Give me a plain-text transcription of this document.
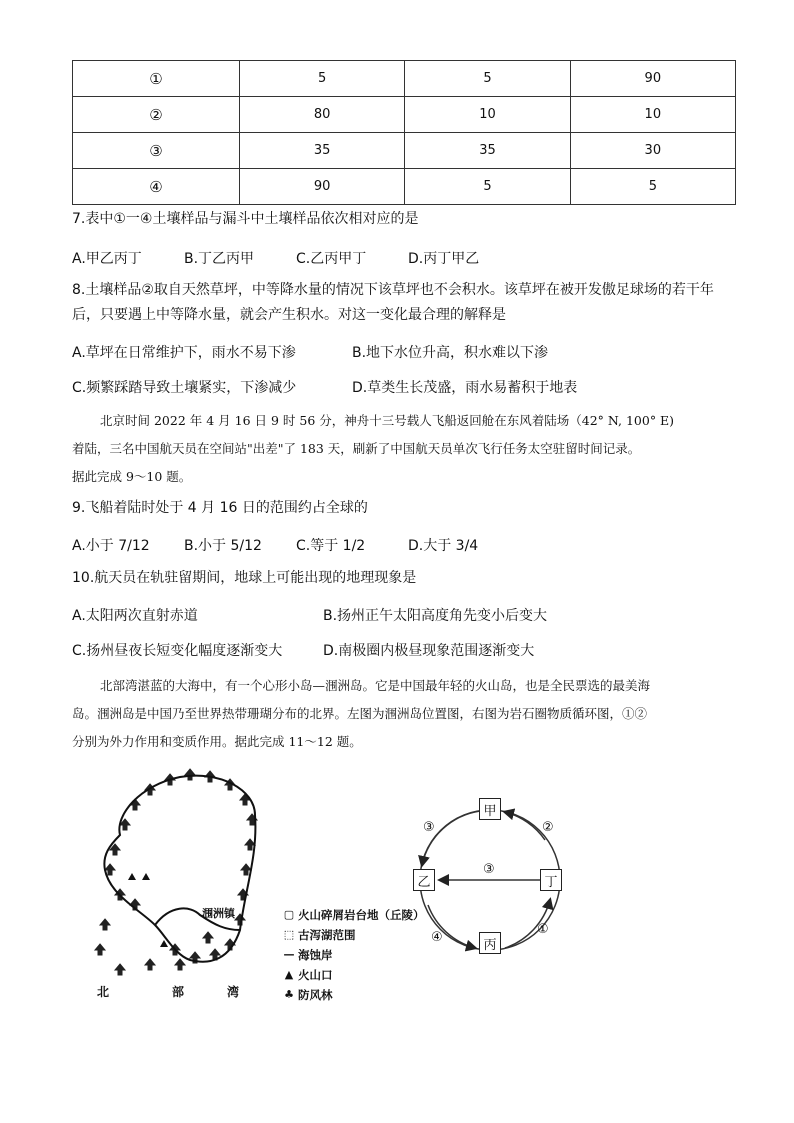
①	5	5	90
②	80	10	10
③	35	35	30
④	90	5	5
7.表中①一④土壤样品与漏斗中土壤样品依次相对应的是
A.甲乙丙丁	B.丁乙丙甲	C.乙丙甲丁	D.丙丁甲乙
8.土壤样品②取自天然草坪，中等降水量的情况下该草坪也不会积水。该草坪在被开发傲足球场的若干年
后，只要遇上中等降水量，就会产生积水。对这一变化最合理的解释是
A.草坪在日常维护下，雨水不易下渗	B.地下水位升高，积水难以下渗
C.频繁踩踏导致土壤紧实，下渗减少	D.草类生长茂盛，雨水易蓄积于地表

北京时间 2022 年 4 月 16 日 9 时 56 分，神舟十三号载人飞船返回舱在东风着陆场（42° N, 100° E)

着陆，三名中国航天员在空间站"出差"了 183 天，刷新了中国航天员单次飞行任务太空驻留时间记录。

据此完成 9～10 题。

9.飞船着陆时处于 4 月 16 日的范围约占全球的
A.小于 7/12 B.小于 5/12 C.等于 1/2	D.大于 3/4
10.航天员在轨驻留期间，地球上可能出现的地理现象是
A.太阳两次直射赤道	B.扬州正午太阳高度角先变小后变大
C.扬州昼夜长短变化幅度逐渐变大	D.南极圈内极昼现象范围逐渐变大

北部湾湛蓝的大海中，有一个心形小岛—涠洲岛。它是中国最年轻的火山岛，也是全民票选的最美海

岛。涠洲岛是中国乃至世界热带珊瑚分布的北界。左图为涠洲岛位置图，右图为岩石圈物质循环图，①②

分别为外力作用和变质作用。据此完成 11～12 题。

涠洲镇
北	部	湾
▢ 火山碎屑岩台地（丘陵）
⬚ 古泻湖范围
— 海蚀岸
▲ 火山口
♣ 防风林
甲
乙	丁
丙
③	②
③
④
①
